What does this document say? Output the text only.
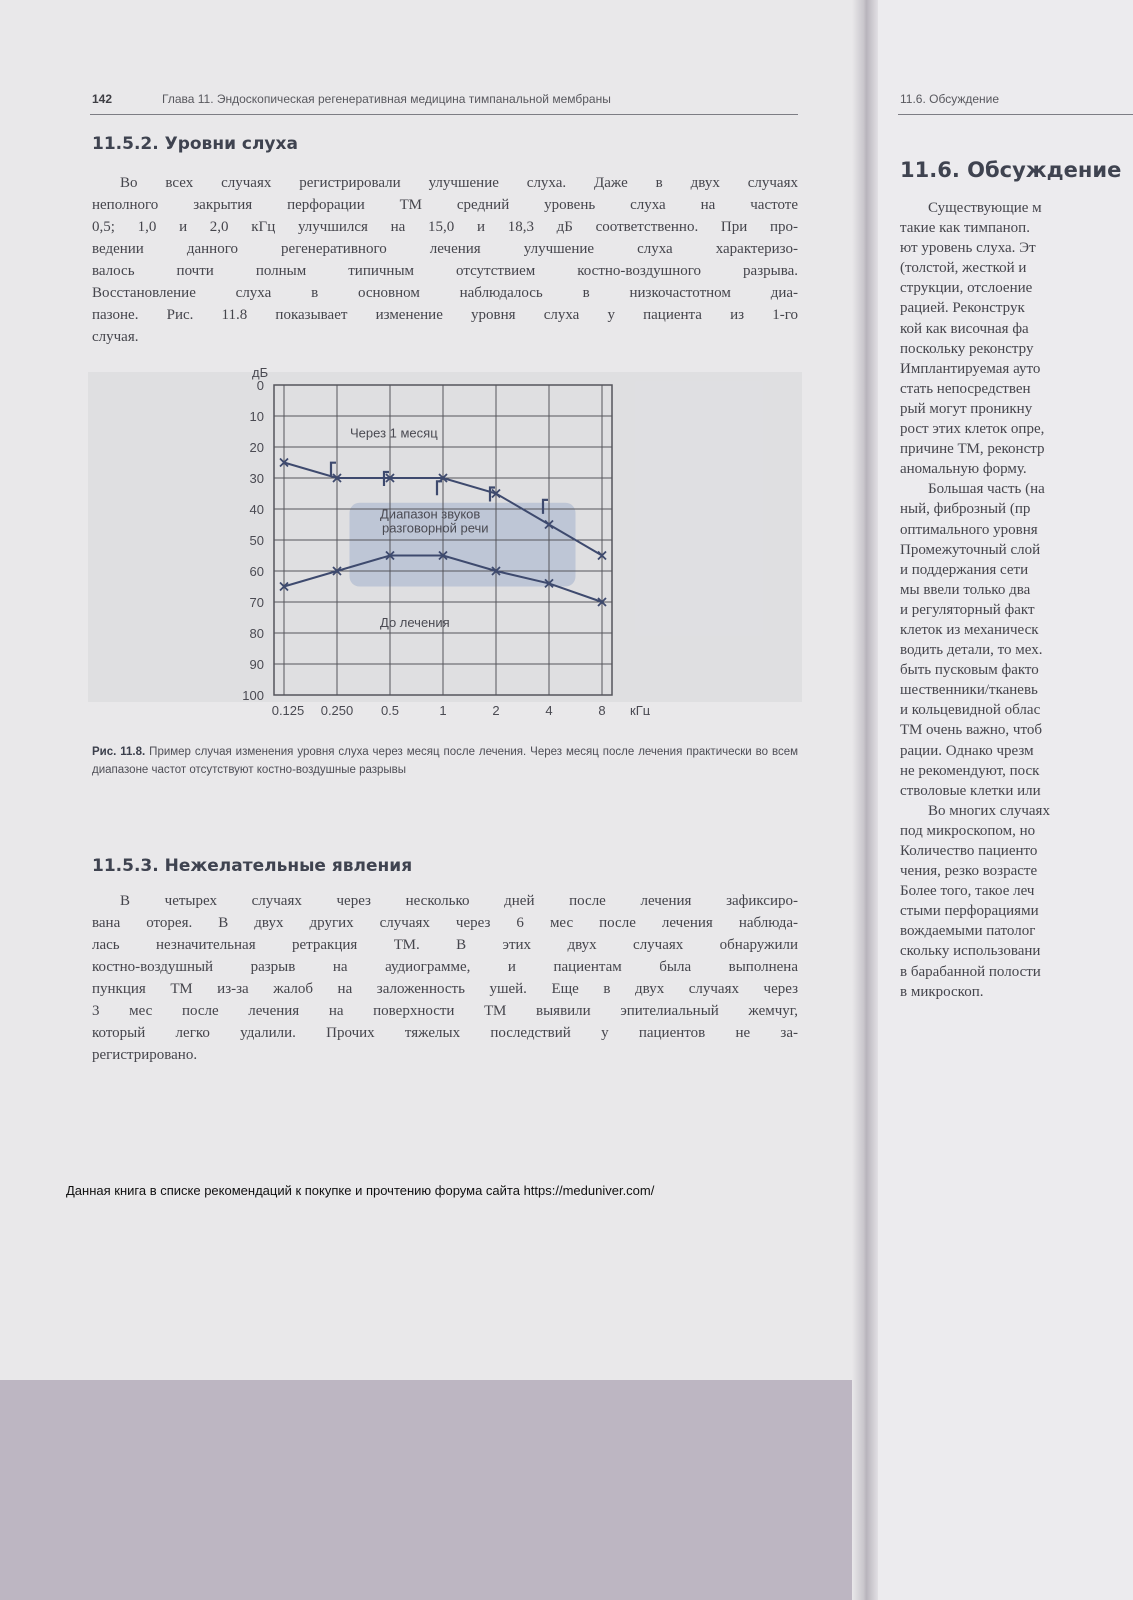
142	Глава 11. Эндоскопическая регенеративная медицина тимпанальной мембраны
11.5.2. Уровни слуха
Во всех случаях регистрировали улучшение слуха. Даже в двух случаях
неполного закрытия перфорации ТМ средний уровень слуха на частоте
0,5; 1,0 и 2,0 кГц улучшился на 15,0 и 18,3 дБ соответственно. При про-
ведении данного регенеративного лечения улучшение слуха характеризо-
валось почти полным типичным отсутствием костно-воздушного разрыва.
Восстановление слуха в основном наблюдалось в низкочастотном диа-
пазоне. Рис. 11.8 показывает изменение уровня слуха у пациента из 1-го
случая.
0
10
20
30
40
50
60
70
80
90
100
0,125 0,250 0,5	1	2	4	8
дБ
кГц
Через 1 месяц
До лечения
Диапазон звуков
разговорной речи
Рис. 11.8. Пример случая изменения уровня слуха через месяц после лечения. Через месяц после лечения практически во всем диапазоне частот отсутствуют костно-воздушные разрывы
11.5.3. Нежелательные явления
В четырех случаях через несколько дней после лечения зафиксиро-
вана оторея. В двух других случаях через 6 мес после лечения наблюда-
лась незначительная ретракция ТМ. В этих двух случаях обнаружили
костно-воздушный разрыв на аудиограмме, и пациентам была выполнена
пункция ТМ из-за жалоб на заложенность ушей. Еще в двух случаях через
3 мес после лечения на поверхности ТМ выявили эпителиальный жемчуг,
который легко удалили. Прочих тяжелых последствий у пациентов не за-
регистрировано.
Данная книга в списке рекомендаций к покупке и прочтению форума сайта https://meduniver.com/
11.6. Обсуждение
11.6. Обсуждение
Существующие м
такие как тимпаноп.
ют уровень слуха. Эт
(толстой, жесткой и
струкции, отслоение
рацией. Реконструк
кой как височная фа
поскольку реконстру
Имплантируемая ауто
стать непосредствен
рый могут проникну
рост этих клеток опре,
причине ТМ, реконстр
аномальную форму.
Большая часть (на
ный, фиброзный (пр
оптимального уровня
Промежуточный слой
и поддержания сети
мы ввели только два
и регуляторный факт
клеток из механическ
водить детали, то мех.
быть пусковым факто
шественники/тканевь
и кольцевидной облас
ТМ очень важно, чтоб
рации. Однако чрезм
не рекомендуют, поск
стволовые клетки или
Во многих случаях
под микроскопом, но
Количество пациенто
чения, резко возрасте
Более того, такое леч
стыми перфорациями
вождаемыми патолог
скольку использовани
в барабанной полости
в микроскоп.
